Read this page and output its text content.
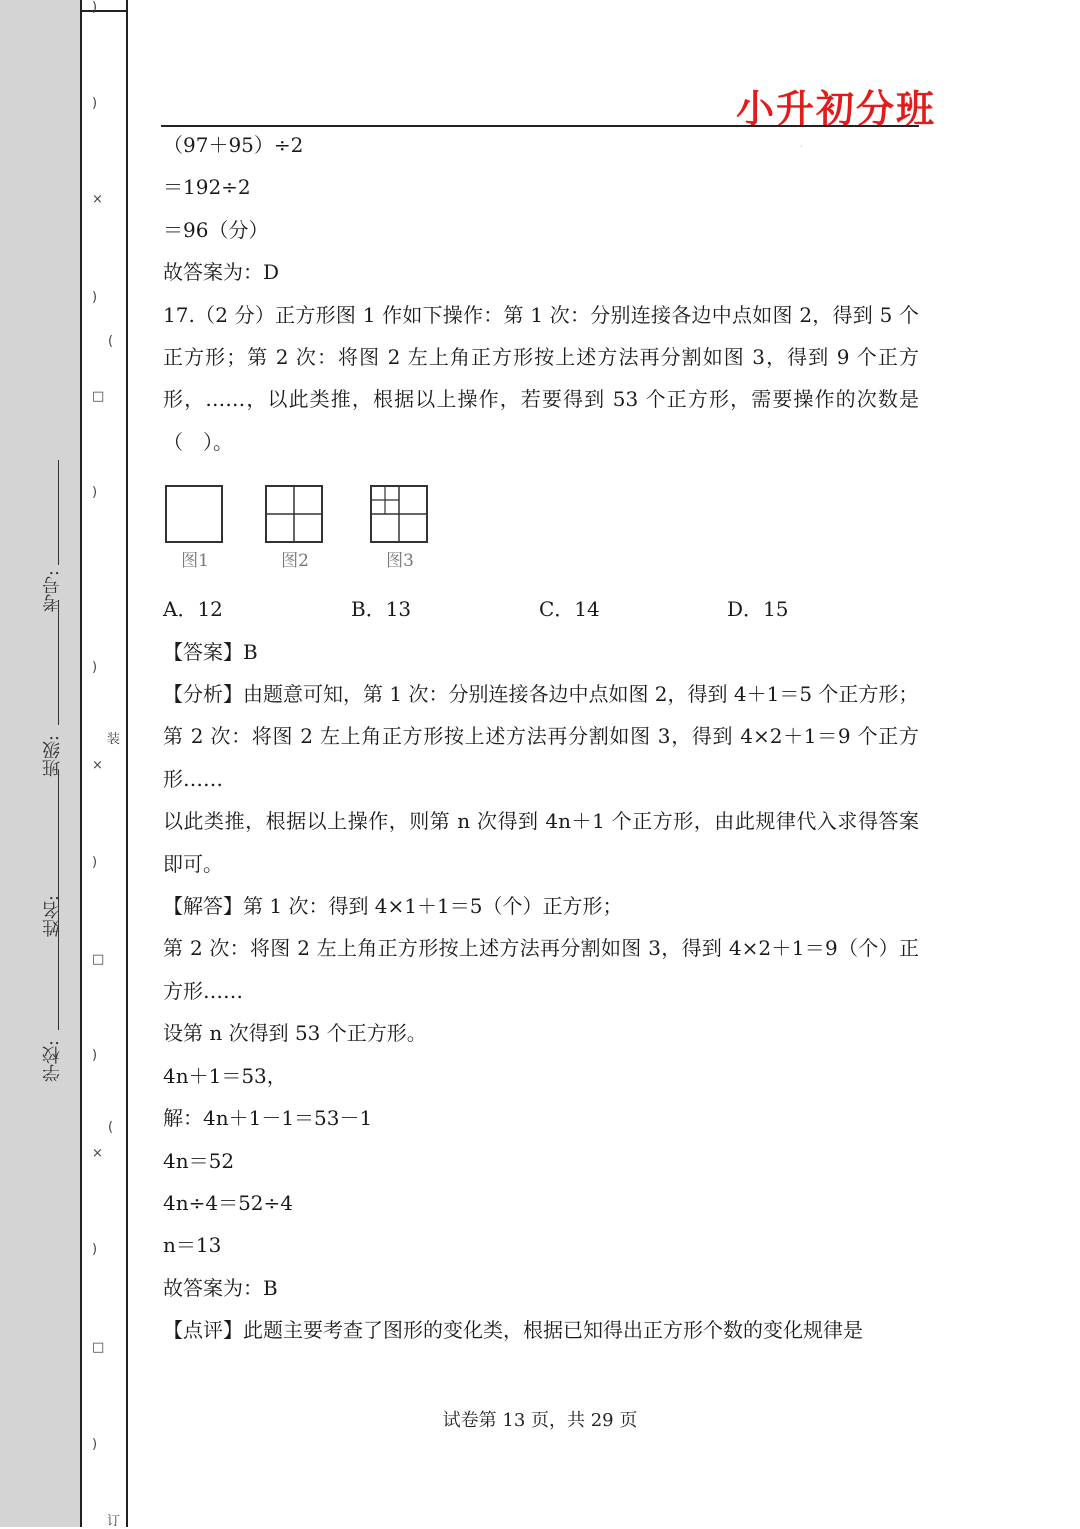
学校:
姓名:
班级:
考号:
)
)
×
)
(
□
)
)
装
×
)
□
)
(
×
)
□
)
订
小升初分班
·

（97＋95）÷2

＝192÷2

＝96（分）

故答案为：D

17.（2 分）正方形图 1 作如下操作：第 1 次：分别连接各边中点如图 2，得到 5 个正方形；第 2 次：将图 2 左上角正方形按上述方法再分割如图 3，得到 9 个正方形，……，以此类推，根据以上操作，若要得到 53 个正方形，需要操作的次数是（　）。

图1	图2	图3
A．12	B．13	C．14	D．15

【答案】B

【分析】由题意可知，第 1 次：分别连接各边中点如图 2，得到 4＋1＝5 个正方形；

第 2 次：将图 2 左上角正方形按上述方法再分割如图 3，得到 4×2＋1＝9 个正方形……

以此类推，根据以上操作，则第 n 次得到 4n＋1 个正方形，由此规律代入求得答案即可。

【解答】第 1 次：得到 4×1＋1＝5（个）正方形；

第 2 次：将图 2 左上角正方形按上述方法再分割如图 3，得到 4×2＋1＝9（个）正方形……

设第 n 次得到 53 个正方形。

4n＋1＝53，

解：4n＋1－1＝53－1

4n＝52

4n÷4＝52÷4

n＝13

故答案为：B

【点评】此题主要考查了图形的变化类，根据已知得出正方形个数的变化规律是

试卷第 13 页，共 29 页
